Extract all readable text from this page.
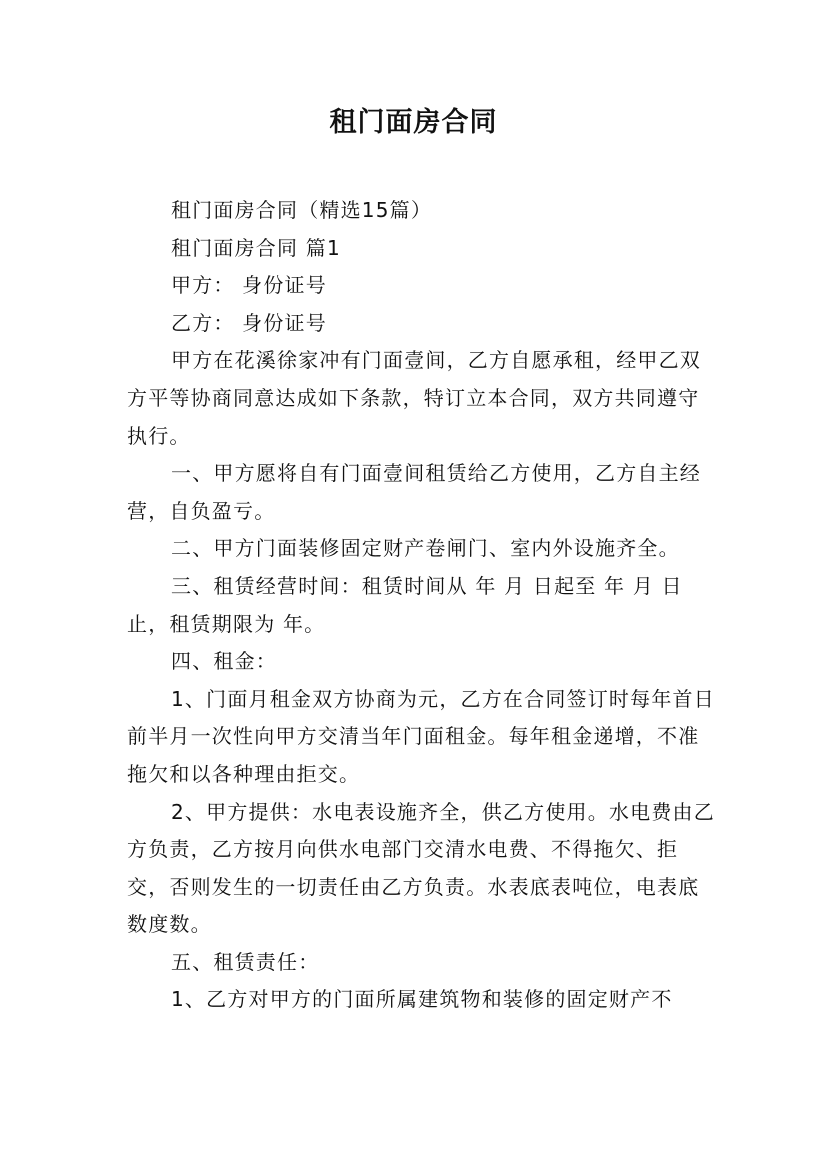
租门面房合同

租门面房合同（精选15篇）

租门面房合同 篇1

甲方： 身份证号

乙方： 身份证号

甲方在花溪徐家冲有门面壹间，乙方自愿承租，经甲乙双方平等协商同意达成如下条款，特订立本合同，双方共同遵守执行。

一、甲方愿将自有门面壹间租赁给乙方使用，乙方自主经营，自负盈亏。

二、甲方门面装修固定财产卷闸门、室内外设施齐全。

三、租赁经营时间：租赁时间从 年 月 日起至 年 月 日止，租赁期限为 年。

四、租金：

1、门面月租金双方协商为元，乙方在合同签订时每年首日前半月一次性向甲方交清当年门面租金。每年租金递增，不准拖欠和以各种理由拒交。

2、甲方提供：水电表设施齐全，供乙方使用。水电费由乙方负责，乙方按月向供水电部门交清水电费、不得拖欠、拒交，否则发生的一切责任由乙方负责。水表底表吨位，电表底数度数。

五、租赁责任：

1、乙方对甲方的门面所属建筑物和装修的固定财产不
